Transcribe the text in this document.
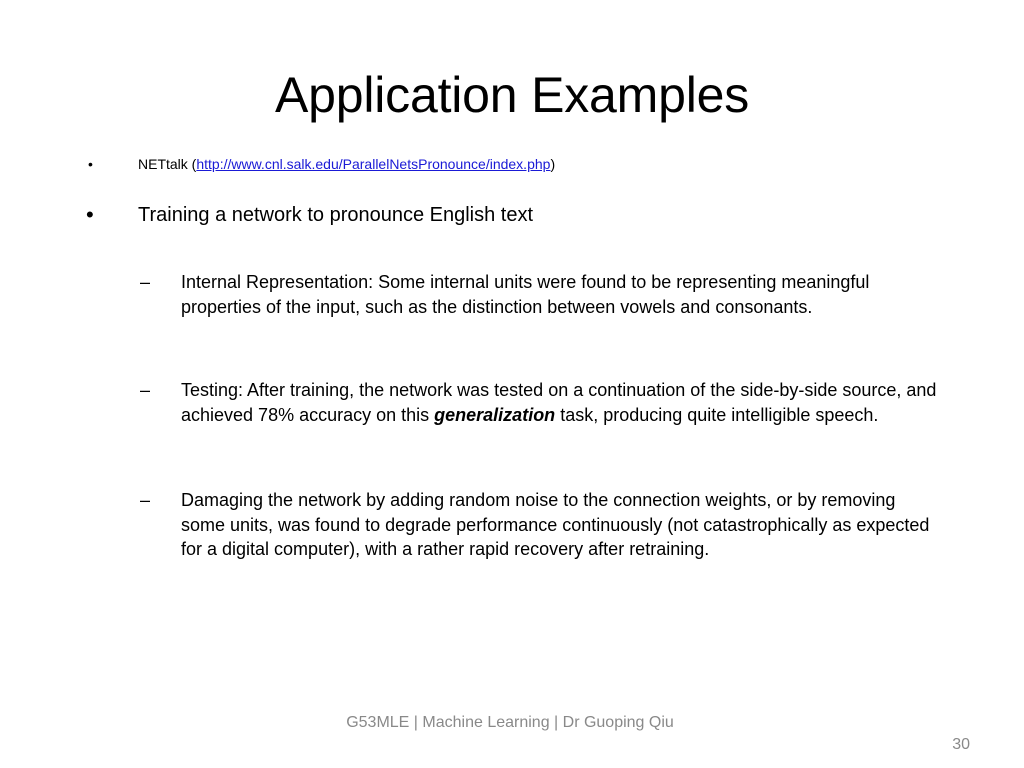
Application Examples
•	NETtalk (http://www.cnl.salk.edu/ParallelNetsPronounce/index.php)
• Training a network to pronounce English text
– Internal Representation: Some internal units were found to be representing meaningful properties of the input, such as the distinction between vowels and consonants.
– Testing: After training, the network was tested on a continuation of the side-by-side source, and achieved 78% accuracy on this generalization task, producing quite intelligible speech.
– Damaging the network by adding random noise to the connection weights, or by removing some units, was found to degrade performance continuously (not catastrophically as expected for a digital computer), with a rather rapid recovery after retraining.
G53MLE | Machine Learning | Dr Guoping Qiu
30
